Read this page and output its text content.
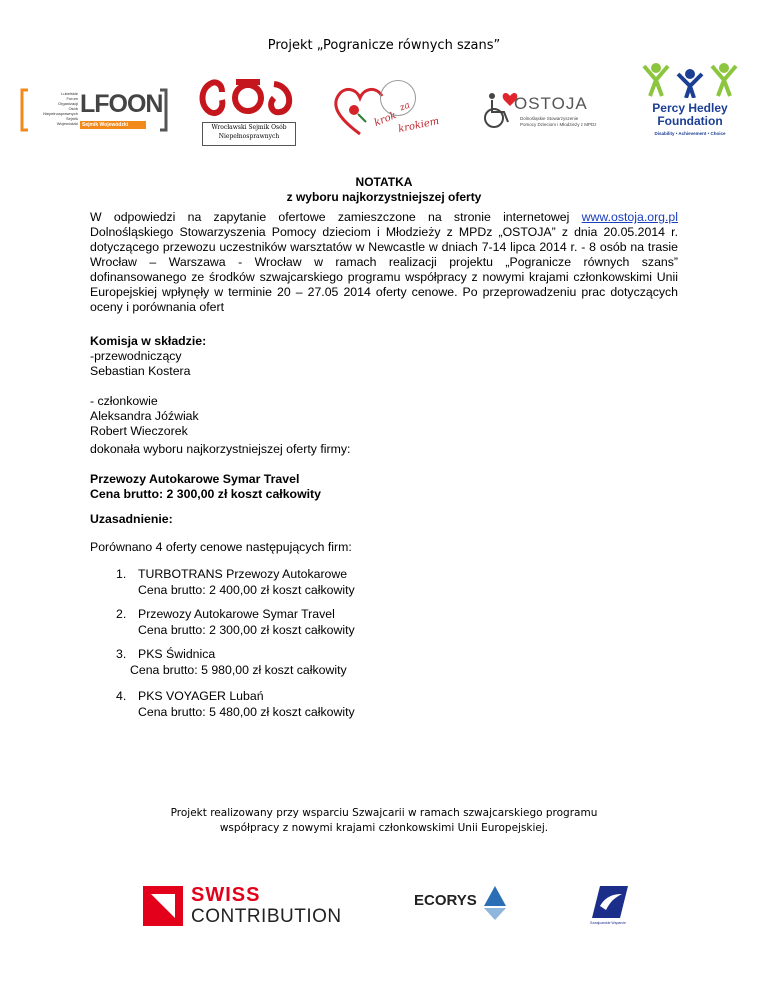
Projekt „Pogranicze równych szans”
Lubelskie
Forum
Organizacji
Osób
Niepełnosprawnych
Sejmik
Wojewódzki
LFOON
Sejmik Wojewódzki	Wrocławski Sejmik Osób
Niepełnosprawnych
krok
za
krokiem
OSTOJA
Dolnośląskie Stowarzyszenie
Pomocy Dzieciom i Młodzieży z MPDz
Percy Hedley
Foundation
Disability • Achievement • Choice
NOTATKA
z wyboru najkorzystniejszej oferty
W odpowiedzi na zapytanie ofertowe zamieszczone na stronie internetowej www.ostoja.org.pl Dolnośląskiego Stowarzyszenia Pomocy dzieciom i Młodzieży z MPDz „OSTOJA” z dnia 20.05.2014 r. dotyczącego przewozu uczestników warsztatów w Newcastle w dniach 7-14 lipca 2014 r. - 8 osób na trasie Wrocław – Warszawa - Wrocław w ramach realizacji projektu „Pogranicze równych szans” dofinansowanego ze środków szwajcarskiego programu współpracy z nowymi krajami członkowskimi Unii Europejskiej wpłynęły w terminie 20 – 27.05 2014 oferty cenowe. Po przeprowadzeniu prac dotyczących oceny i porównania ofert
Komisja w składzie:
-przewodniczący
Sebastian Kostera
- członkowie
Aleksandra Jóźwiak
Robert Wieczorek
dokonała wyboru najkorzystniejszej oferty firmy:
Przewozy Autokarowe Symar Travel
Cena brutto: 2 300,00 zł koszt całkowity
Uzasadnienie:
Porównano 4 oferty cenowe następujących firm:
1. TURBOTRANS Przewozy Autokarowe
Cena brutto: 2 400,00 zł koszt całkowity
2. Przewozy Autokarowe Symar Travel
Cena brutto: 2 300,00 zł koszt całkowity
3. PKS Świdnica
Cena brutto: 5 980,00 zł koszt całkowity
4. PKS VOYAGER Lubań
Cena brutto: 5 480,00 zł koszt całkowity
Projekt realizowany przy wsparciu Szwajcarii w ramach szwajcarskiego programu
współpracy z nowymi krajami członkowskimi Unii Europejskiej.
SWISS
CONTRIBUTION
ECORYS
Szwajcarskie Wsparcie
